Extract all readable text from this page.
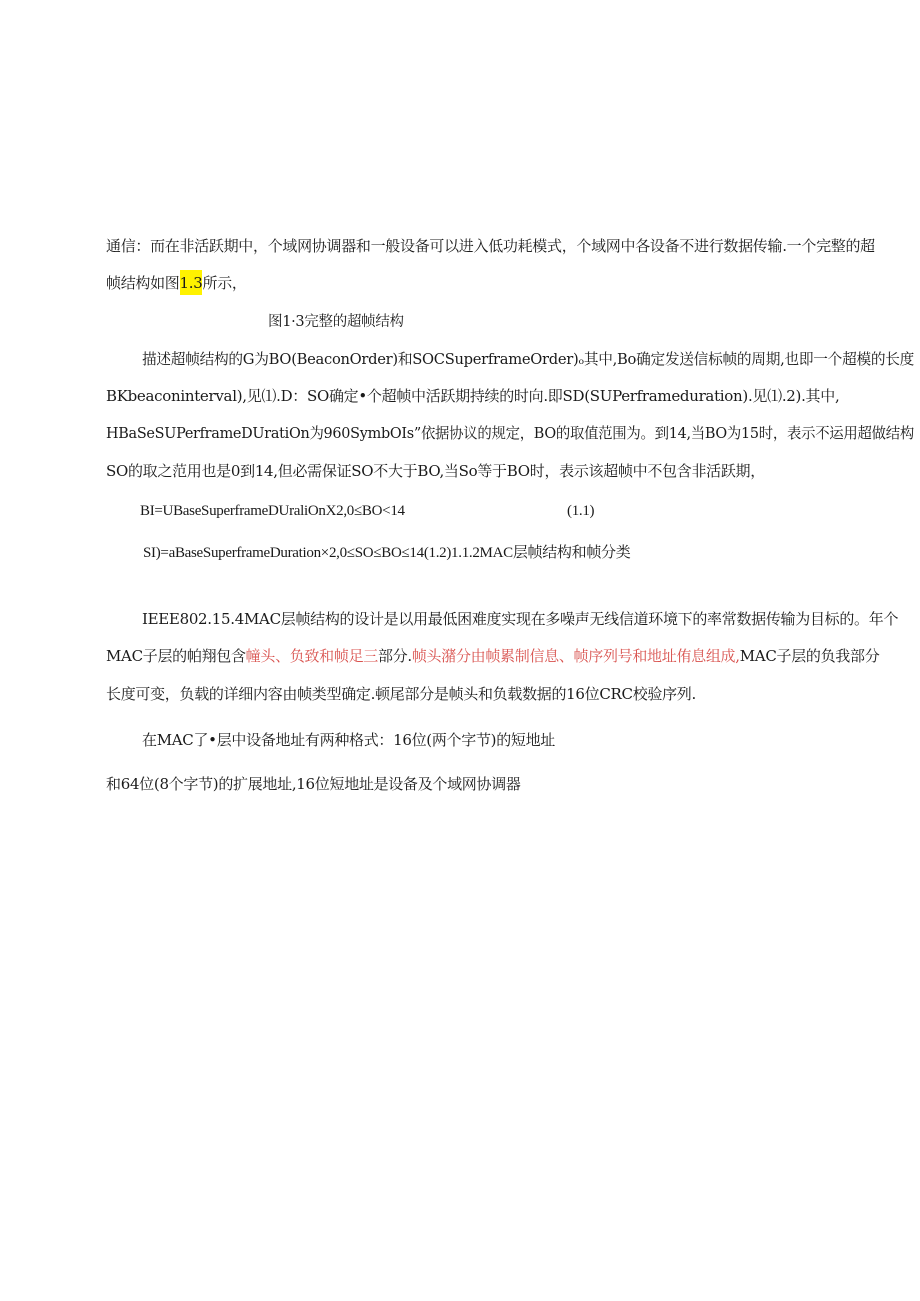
通信：而在非活跃期中，个域网协调器和一般设备可以进入低功耗模式，个域网中各设备不进行数据传输.一个完整的超
帧结构如图1.3所示，
图1·3完整的超帧结构
描述超帧结构的G为BO(BeaconOrder)和SOCSuperframeOrder)ₒ其中,Bo确定发送信标帧的周期,也即一个超模的长度
BKbeaconinterval),见⑴.D：SO确定•个超帧中活跃期持续的时向.即SD(SUPerframeduration).见⑴.2).其中,
HBaSeSUPerframeDUratiOn为960SymbOIs”依据协议的规定，BO的取值范围为。到14,当BO为15时，表示不运用超做结构
SO的取之范用也是0到14,但必需保证SO不大于BO,当So等于BO时，表示该超帧中不包含非活跃期，
BI=UBaseSuperframeDUraliOnX2,0≤BO<14	(1.1)
SI)=aBaseSuperframeDuration×2,0≤SO≤BO≤14(1.2)1.1.2MAC层帧结构和帧分类
IEEE802.15.4MAC层帧结构的设计是以用最低困难度实现在多噪声无线信道环境下的率常数据传输为目标的。年个
MAC子层的帕翔包含幢头、负致和帧足三部分.帧头潴分由帧累制信息、帧序列号和地址侑息组成,MAC子层的负我部分
长度可变，负载的详细内容由帧类型确定.顿尾部分是帧头和负载数据的16位CRC校验序列.
在MAC了•层中设备地址有两种格式：16位(两个字节)的短地址
和64位(8个字节)的扩展地址,16位短地址是设备及个域网协调器
